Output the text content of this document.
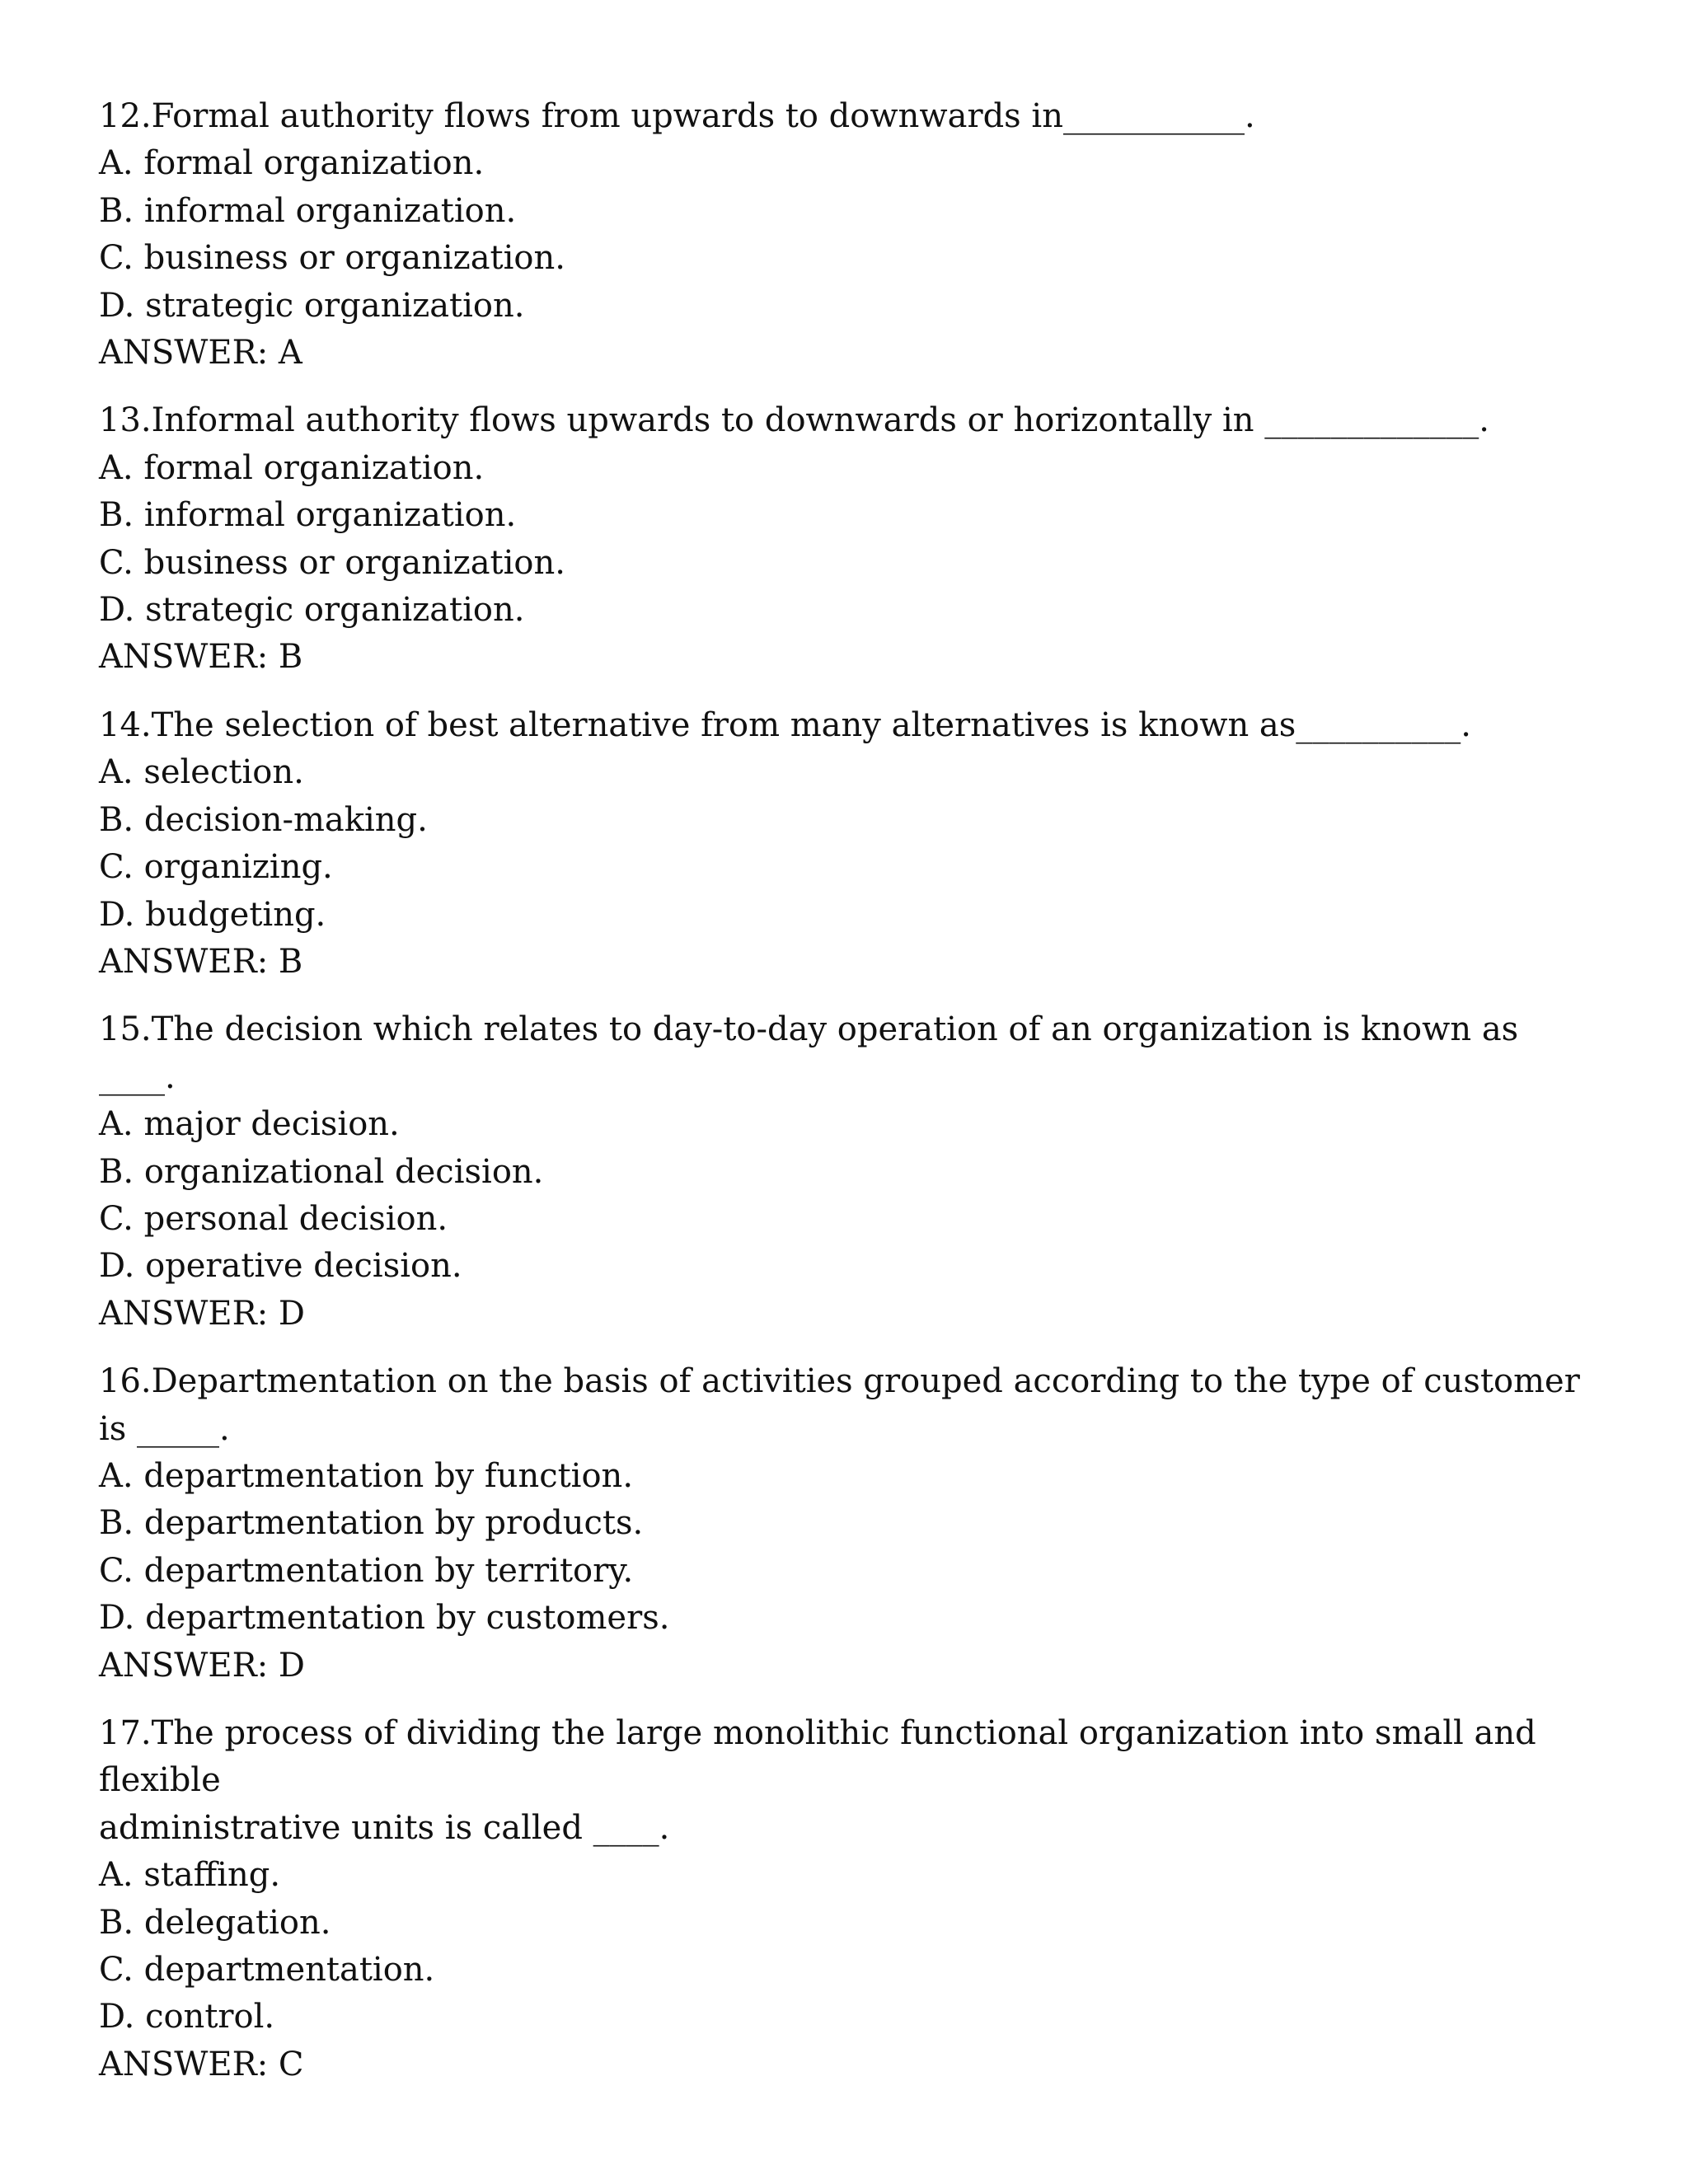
12.Formal authority flows from upwards to downwards in___________.
A. formal organization.
B. informal organization.
C. business or organization.
D. strategic organization.
ANSWER: A
13.Informal authority flows upwards to downwards or horizontally in _____________.
A. formal organization.
B. informal organization.
C. business or organization.
D. strategic organization.
ANSWER: B
14.The selection of best alternative from many alternatives is known as__________.
A. selection.
B. decision-making.
C. organizing.
D. budgeting.
ANSWER: B
15.The decision which relates to day-to-day operation of an organization is known as ____.
A. major decision.
B. organizational decision.
C. personal decision.
D. operative decision.
ANSWER: D
16.Departmentation on the basis of activities grouped according to the type of customer is _____.
A. departmentation by function.
B. departmentation by products.
C. departmentation by territory.
D. departmentation by customers.
ANSWER: D
17.The process of dividing the large monolithic functional organization into small and flexible
administrative units is called ____.
A. staffing.
B. delegation.
C. departmentation.
D. control.
ANSWER: C
